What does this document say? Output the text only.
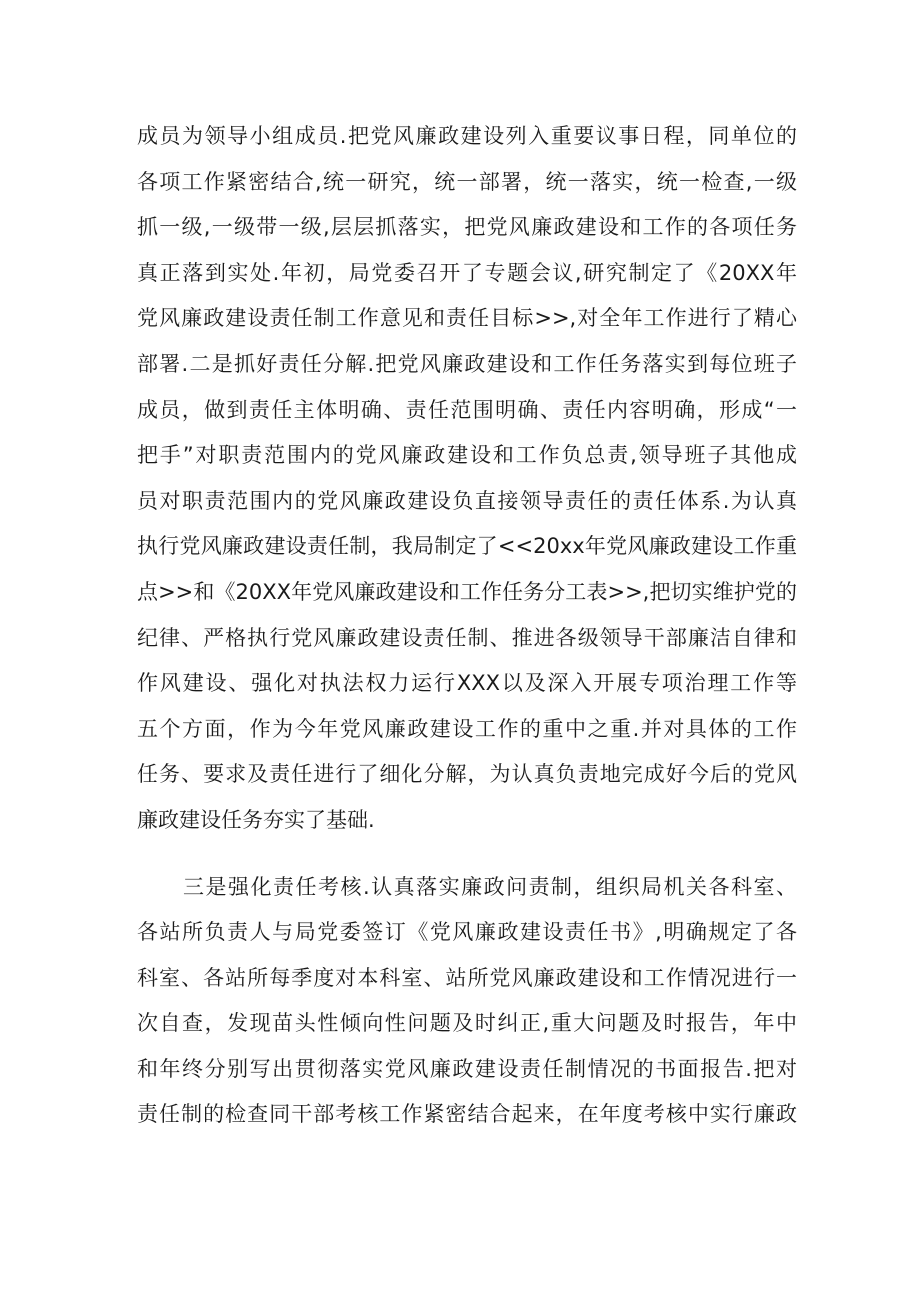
成员为领导小组成员.把党风廉政建设列入重要议事日程，同单位的
各项工作紧密结合,统一研究，统一部署，统一落实，统一检查,一级
抓一级,一级带一级,层层抓落实，把党风廉政建设和工作的各项任务
真正落到实处.年初，局党委召开了专题会议,研究制定了《20XX年
党风廉政建设责任制工作意见和责任目标>>,对全年工作进行了精心
部署.二是抓好责任分解.把党风廉政建设和工作任务落实到每位班子
成员，做到责任主体明确、责任范围明确、责任内容明确，形成“一
把手”对职责范围内的党风廉政建设和工作负总责,领导班子其他成
员对职责范围内的党风廉政建设负直接领导责任的责任体系.为认真
执行党风廉政建设责任制，我局制定了<<20xx年党风廉政建设工作重
点>>和《20XX年党风廉政建设和工作任务分工表>>,把切实维护党的
纪律、严格执行党风廉政建设责任制、推进各级领导干部廉洁自律和
作风建设、强化对执法权力运行XXX以及深入开展专项治理工作等
五个方面，作为今年党风廉政建设工作的重中之重.并对具体的工作
任务、要求及责任进行了细化分解，为认真负责地完成好今后的党风
廉政建设任务夯实了基础.
三是强化责任考核.认真落实廉政问责制，组织局机关各科室、
各站所负责人与局党委签订《党风廉政建设责任书》,明确规定了各
科室、各站所每季度对本科室、站所党风廉政建设和工作情况进行一
次自查，发现苗头性倾向性问题及时纠正,重大问题及时报告，年中
和年终分别写出贯彻落实党风廉政建设责任制情况的书面报告.把对
责任制的检查同干部考核工作紧密结合起来，在年度考核中实行廉政
